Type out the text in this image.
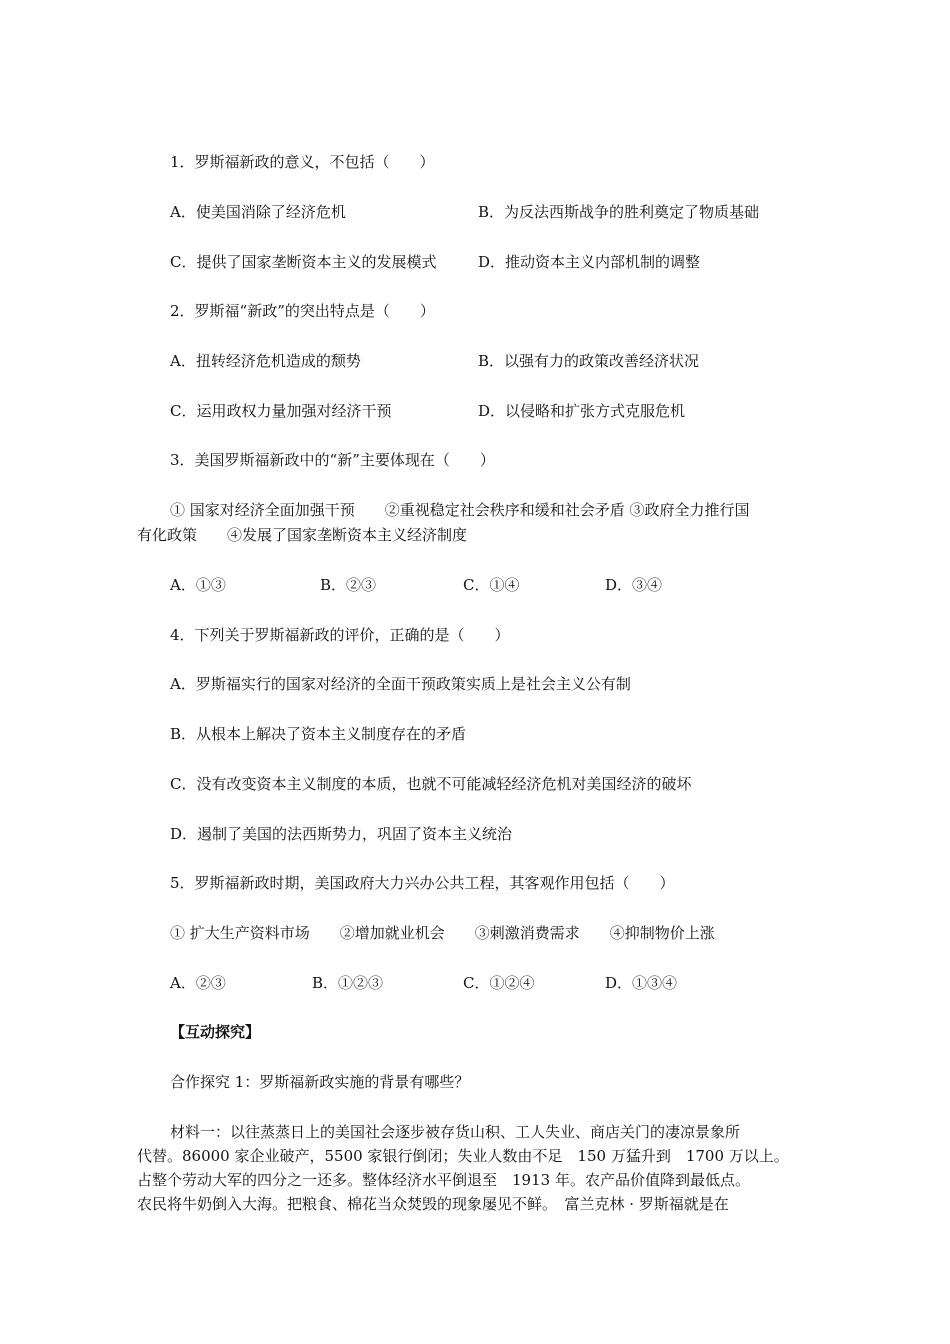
1．罗斯福新政的意义，不包括（　　）
A．使美国消除了经济危机	B．为反法西斯战争的胜利奠定了物质基础
C．提供了国家垄断资本主义的发展模式	D．推动资本主义内部机制的调整
2．罗斯福“新政”的突出特点是（　　）
A．扭转经济危机造成的颓势	B．以强有力的政策改善经济状况
C．运用政权力量加强对经济干预	D．以侵略和扩张方式克服危机
3．美国罗斯福新政中的“新”主要体现在（　　）
① 国家对经济全面加强干预　　②重视稳定社会秩序和缓和社会矛盾 ③政府全力推行国
有化政策　　④发展了国家垄断资本主义经济制度
A．①③	B．②③	C．①④	D．③④
4．下列关于罗斯福新政的评价，正确的是（　　）
A．罗斯福实行的国家对经济的全面干预政策实质上是社会主义公有制
B．从根本上解决了资本主义制度存在的矛盾
C．没有改变资本主义制度的本质，也就不可能减轻经济危机对美国经济的破坏
D．遏制了美国的法西斯势力，巩固了资本主义统治
5．罗斯福新政时期，美国政府大力兴办公共工程，其客观作用包括（　　）
① 扩大生产资料市场　　②增加就业机会　　③刺激消费需求　　④抑制物价上涨
A．②③	B．①②③	C．①②④	D．①③④
【互动探究】
合作探究 1：罗斯福新政实施的背景有哪些？
材料一：以往蒸蒸日上的美国社会逐步被存货山积、工人失业、商店关门的凄凉景象所
代替。86000 家企业破产，5500 家银行倒闭；失业人数由不足　150 万猛升到　1700 万以上。
占整个劳动大军的四分之一还多。整体经济水平倒退至　1913 年。农产品价值降到最低点。
农民将牛奶倒入大海。把粮食、棉花当众焚毁的现象屡见不鲜。　富兰克林 · 罗斯福就是在
